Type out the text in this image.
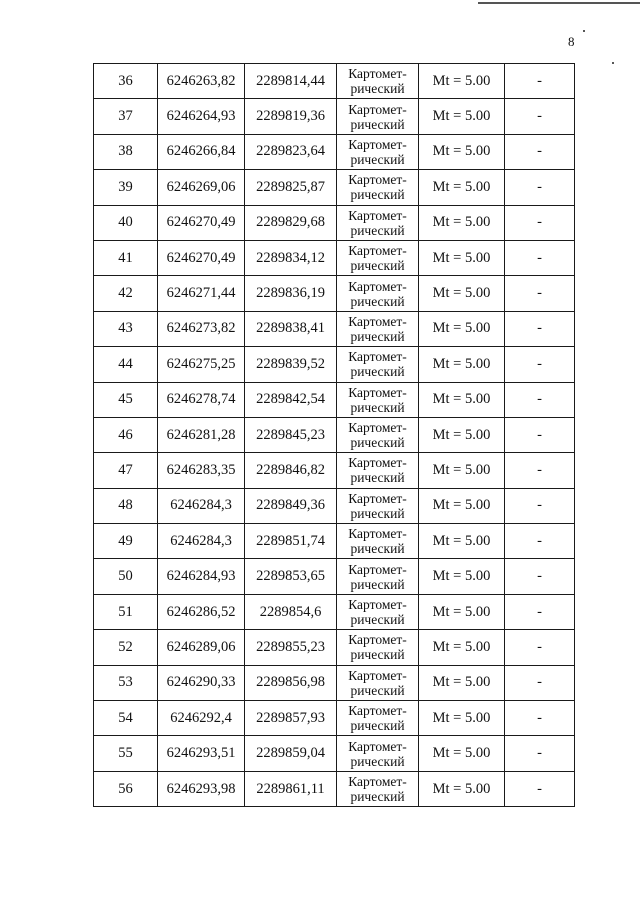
8
36	6246263,82	2289814,44	Картомет-
рический	Mt = 5.00	-
37	6246264,93	2289819,36	Картомет-
рический	Mt = 5.00	-
38	6246266,84	2289823,64	Картомет-
рический	Mt = 5.00	-
39	6246269,06	2289825,87	Картомет-
рический	Mt = 5.00	-
40	6246270,49	2289829,68	Картомет-
рический	Mt = 5.00	-
41	6246270,49	2289834,12	Картомет-
рический	Mt = 5.00	-
42	6246271,44	2289836,19	Картомет-
рический	Mt = 5.00	-
43	6246273,82	2289838,41	Картомет-
рический	Mt = 5.00	-
44	6246275,25	2289839,52	Картомет-
рический	Mt = 5.00	-
45	6246278,74	2289842,54	Картомет-
рический	Mt = 5.00	-
46	6246281,28	2289845,23	Картомет-
рический	Mt = 5.00	-
47	6246283,35	2289846,82	Картомет-
рический	Mt = 5.00	-
48	6246284,3	2289849,36	Картомет-
рический	Mt = 5.00	-
49	6246284,3	2289851,74	Картомет-
рический	Mt = 5.00	-
50	6246284,93	2289853,65	Картомет-
рический	Mt = 5.00	-
51	6246286,52	2289854,6	Картомет-
рический	Mt = 5.00	-
52	6246289,06	2289855,23	Картомет-
рический	Mt = 5.00	-
53	6246290,33	2289856,98	Картомет-
рический	Mt = 5.00	-
54	6246292,4	2289857,93	Картомет-
рический	Mt = 5.00	-
55	6246293,51	2289859,04	Картомет-
рический	Mt = 5.00	-
56	6246293,98	2289861,11	Картомет-
рический	Mt = 5.00	-
